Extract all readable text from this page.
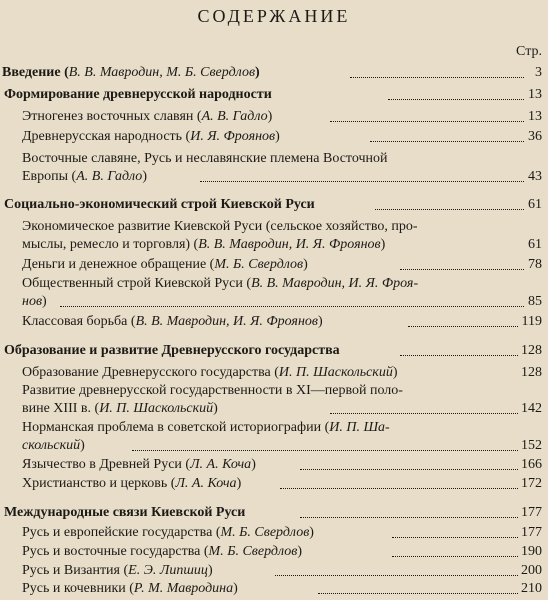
СОДЕРЖАНИЕ
Стр.
Введение (В. В. Мавродин, М. Б. Свердлов)	3
Формирование древнерусской народности	13
Этногенез восточных славян (А. В. Гадло)	13
Древнерусская народность (И. Я. Фроянов)	36
Восточные славяне, Русь и неславянские племена Восточной
Европы (А. В. Гадло)	43
Социально-экономический строй Киевской Руси	61
Экономическое развитие Киевской Руси (сельское хозяйство, про-
мыслы, ремесло и торговля) (В. В. Мавродин, И. Я. Фроянов)	61
Деньги и денежное обращение (М. Б. Свердлов)	78
Общественный строй Киевской Руси (В. В. Мавродин, И. Я. Фроя-
нов)	85
Классовая борьба (В. В. Мавродин, И. Я. Фроянов)	119
Образование и развитие Древнерусского государства	128
Образование Древнерусского государства (И. П. Шаскольский)	128
Развитие древнерусской государственности в XI—первой поло-
вине XIII в. (И. П. Шаскольский)	142
Норманская проблема в советской историографии (И. П. Ша-
скольский)	152
Язычество в Древней Руси (Л. А. Коча)	166
Христианство и церковь (Л. А. Коча)	172
Международные связи Киевской Руси	177
Русь и европейские государства (М. Б. Свердлов)	177
Русь и восточные государства (М. Б. Свердлов)	190
Русь и Византия (Е. Э. Липшиц)	200
Русь и кочевники (Р. М. Мавродина)	210
